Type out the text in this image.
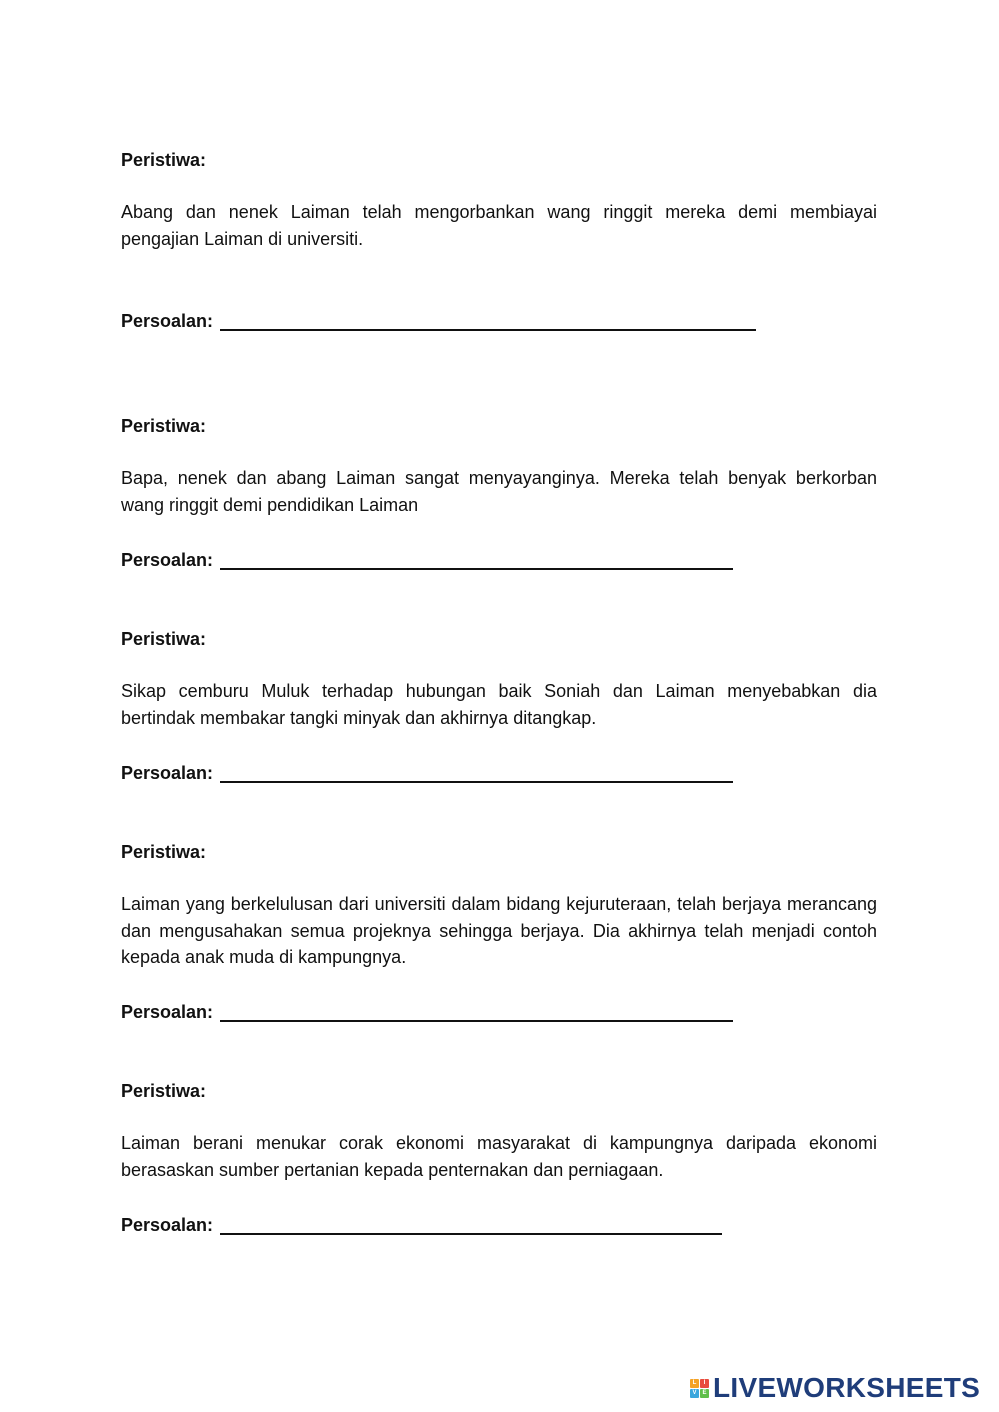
Peristiwa:
Abang dan nenek Laiman telah mengorbankan wang ringgit mereka demi membiayai pengajian Laiman di universiti.
Persoalan:
Peristiwa:
Bapa, nenek dan abang Laiman sangat menyayanginya. Mereka telah benyak berkorban wang ringgit demi pendidikan Laiman
Persoalan:
Peristiwa:
Sikap cemburu Muluk terhadap hubungan baik Soniah dan Laiman menyebabkan dia bertindak membakar tangki minyak dan akhirnya ditangkap.
Persoalan:
Peristiwa:
Laiman yang berkelulusan dari universiti dalam bidang kejuruteraan, telah berjaya merancang dan mengusahakan semua projeknya sehingga berjaya. Dia akhirnya telah menjadi contoh kepada anak muda di kampungnya.
Persoalan:
Peristiwa:
Laiman berani menukar corak ekonomi masyarakat di kampungnya daripada ekonomi berasaskan sumber pertanian kepada penternakan dan perniagaan.
Persoalan:
L	I
V E LIVEWORKSHEETS
